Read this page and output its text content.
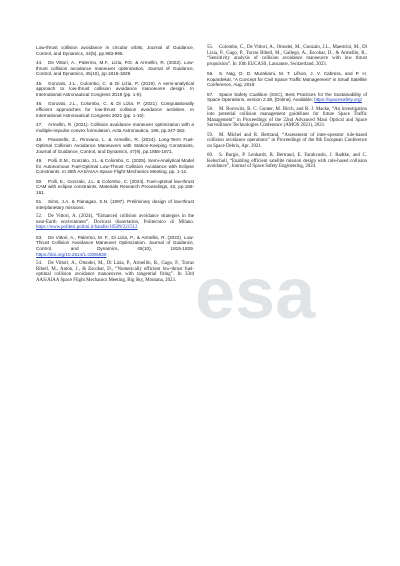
Low-thrust collision avoidance in circular orbits, Journal of Guidance, Control, and Dynamics, 44(5), pp.983-995.

44. De Vittori, A., Palermo, M.F., Lizia, P.D. & Armellin, R. (2022). Low-thrust collision avoidance maneuver optimization, Journal of Guidance, Control, and Dynamics, 45(10), pp.1815-1829.

45. Gonzalo, J.L., Colombo, C. & Di Lizia, P. (2019). A semi-analytical approach to low-thrust collision avoidance manoeuvre design. In International Astronautical Congress 2019 (pp. 1-9).

46. Gonzalo, J.L., Colombo, C. & Di Lizia, P. (2021). Computationally efficient approaches for low-thrust collision avoidance activities. In International Astronautical Congress 2021 (pp. 1-10).

47. Armellin, R. (2021). Collision avoidance maneuver optimization with a multiple-impulse convex formulation, Acta Astronautica, 186, pp.347-362.

48. Pavanello, Z., Pirovano, L. & Armellin, R. (2024). Long-Term Fuel-Optimal Collision Avoidance Maneuvers with Station-Keeping Constraints, Journal of Guidance, Control, and Dynamics, 47(9), pp.1855-1871.

49. Polli, E.M., Gonzalo, J.L. & Colombo, C. (2025). Semi-Analytical Model for Autonomous Fuel-Optimal Low-Thrust Collision Avoidance with Eclipse Constraints. In 35th AAS/AIAA Space Flight Mechanics Meeting, pp. 1-12.

50. Polli, E., Gonzalo, J.L. & Colombo, C. (2024). Fuel-optimal low-thrust CAM with eclipse constraints. Materials Research Proceedings, 42, pp.158-161.

51. Sims, J.A. & Flanagan, S.N. (1997). Preliminary design of low-thrust interplanetary missions.

52. De Vittori, A. (2024), “Enhanced collision avoidance strategies in the near-Earth environment”. Doctoral dissertation, Politecnico di Milano. https://www.politesi.polimi.it/handle/10589/221512

53. De Vittori, A., Palermo, M. F., Di Lizia, P., & Armellin, R. (2022). Low-Thrust Collision Avoidance Maneuver Optimization. Journal of Guidance, Control, and Dynamics, 45(10), 1815-1829. https://doi.org/10.2514/1.G006630

54. De Vittori, A., Omodei, M., Di Lizia, P., Armellin, R., Gago, P., Torras Ribell, M., Antón, J., & Escobar, D., “Numerically efficient low-thrust fuel-optimal collision avoidance manoeuvres with tangential firing”. In 33rd AAS/AIAA Space Flight Mechanics Meeting, Big Sky, Montana, 2023.

55. Colombo, C., De Vittori, A., Omodei, M., Gonzalo, J.L., Maestrini, M., Di Lizia, P., Gago, P., Torras Ribell, M., Gallego, A., Escobar, D., & Armellin, R., “Sensitivity analysis of collision avoidance manoeuvre with low thrust propulsion”. In 10th EUCASS, Lausanne, Switzerland, 2023.

56. S. Nag, D. D. Murakami, M. T. Lifson, J. V. Cabrera, and P. H. Kopardekar, “A Concept for Civil Space Traffic Management” in Small Satellite Conference, Aug. 2018

57. Space Safety Coalition (SSC), Best Practices for the Sustainability of Space Operations, version 2.38, [Online]. Available: https://spacesafety.org/

58. M. Borowitz, B. C. Gunter, M. Birch, and R. J. Macke, “An investigation into potential collision management guidelines for future Space Traffic Management” in Proceedings of the 22nd Advanced Maui Optical and Space Surveillance Technologies Conference (AMOS 2021), 2021.

59. M. Michel and R. Bertrand, “Assessment of inter-operator rule-based collision avoidance operations” in Proceedings of the 8th European Conference on Space Debris, Apr. 2021.

60. S. Burgis, P. Lenhardt, R. Bertrand, E. Farahvashi, J. Radtke, and C. Kebschull, “Enabling efficient satellite mission design with rule-based collision avoidance”, Journal of Space Safety Engineering, 2024.

esa
